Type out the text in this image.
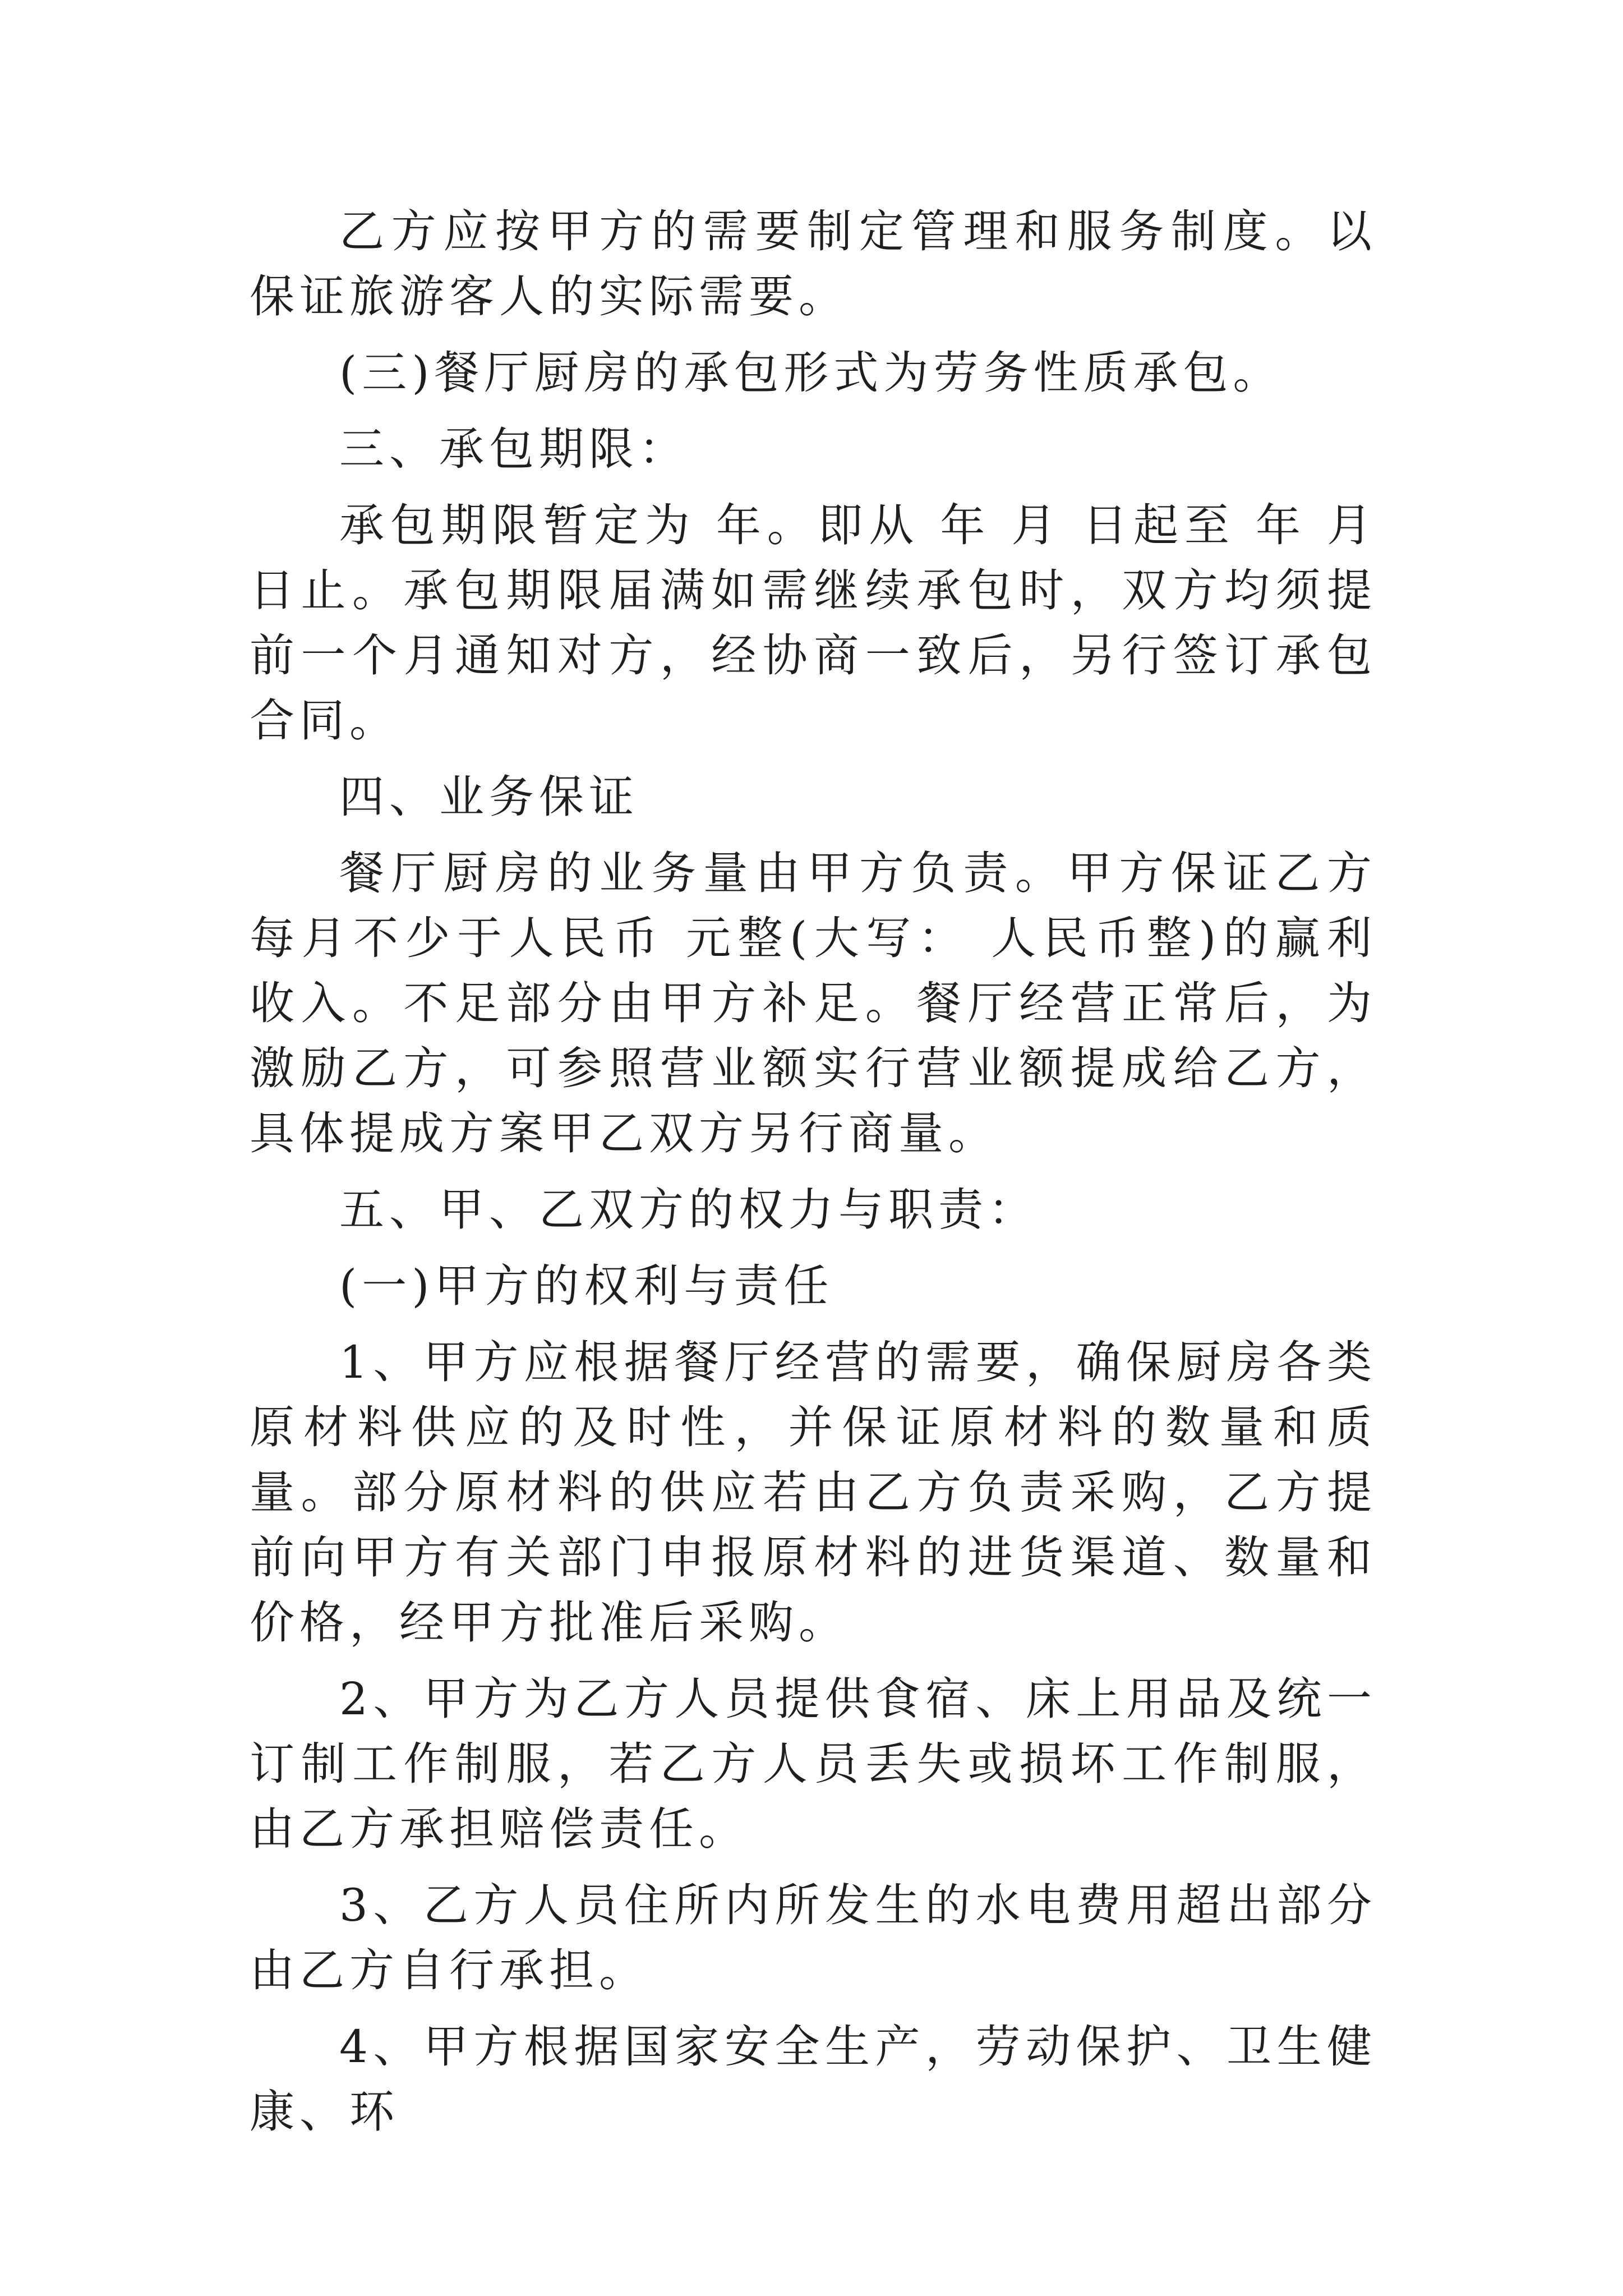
乙方应按甲方的需要制定管理和服务制度。以保证旅游客人的实际需要。

(三)餐厅厨房的承包形式为劳务性质承包。

三、承包期限：

承包期限暂定为 年。即从 年 月 日起至 年 月 日止。承包期限届满如需继续承包时，双方均须提前一个月通知对方，经协商一致后，另行签订承包合同。

四、业务保证

餐厅厨房的业务量由甲方负责。甲方保证乙方每月不少于人民币 元整(大写： 人民币整)的赢利收入。不足部分由甲方补足。餐厅经营正常后，为激励乙方，可参照营业额实行营业额提成给乙方，具体提成方案甲乙双方另行商量。

五、甲、乙双方的权力与职责：

(一)甲方的权利与责任

1、甲方应根据餐厅经营的需要，确保厨房各类原材料供应的及时性，并保证原材料的数量和质量。部分原材料的供应若由乙方负责采购，乙方提前向甲方有关部门申报原材料的进货渠道、数量和价格，经甲方批准后采购。

2、甲方为乙方人员提供食宿、床上用品及统一订制工作制服，若乙方人员丢失或损坏工作制服，由乙方承担赔偿责任。

3、乙方人员住所内所发生的水电费用超出部分由乙方自行承担。

4、甲方根据国家安全生产，劳动保护、卫生健康、环
